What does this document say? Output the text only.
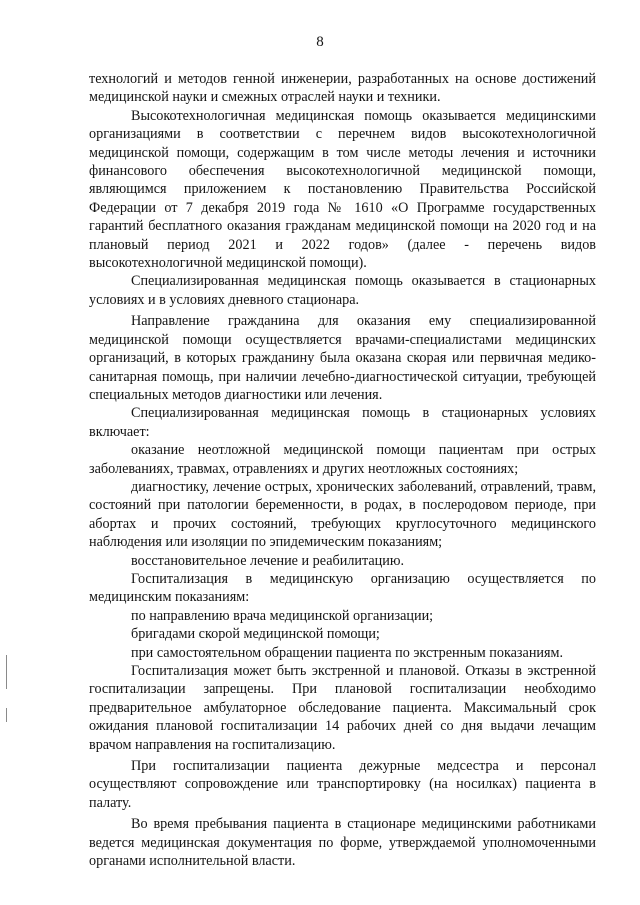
8

технологий и методов генной инженерии, разработанных на основе достижений медицинской науки и смежных отраслей науки и техники.

Высокотехнологичная медицинская помощь оказывается медицинскими организациями в соответствии с перечнем видов высокотехнологичной медицинской помощи, содержащим в том числе методы лечения и источники финансового обеспечения высокотехнологичной медицинской помощи, являющимся приложением к постановлению Правительства Российской Федерации от 7 декабря 2019 года № 1610 «О Программе государственных гарантий бесплатного оказания гражданам медицинской помощи на 2020 год и на плановый период 2021 и 2022 годов» (далее - перечень видов высокотехнологичной медицинской помощи).

Специализированная медицинская помощь оказывается в стационарных условиях и в условиях дневного стационара.

Направление гражданина для оказания ему специализированной медицинской помощи осуществляется врачами-специалистами медицинских организаций, в которых гражданину была оказана скорая или первичная медико-санитарная помощь, при наличии лечебно-диагностической ситуации, требующей специальных методов диагностики или лечения.

Специализированная медицинская помощь в стационарных условиях включает:

оказание неотложной медицинской помощи пациентам при острых заболеваниях, травмах, отравлениях и других неотложных состояниях;

диагностику, лечение острых, хронических заболеваний, отравлений, травм, состояний при патологии беременности, в родах, в послеродовом периоде, при абортах и прочих состояний, требующих круглосуточного медицинского наблюдения или изоляции по эпидемическим показаниям;

восстановительное лечение и реабилитацию.

Госпитализация в медицинскую организацию осуществляется по медицинским показаниям:

по направлению врача медицинской организации;

бригадами скорой медицинской помощи;

при самостоятельном обращении пациента по экстренным показаниям.

Госпитализация может быть экстренной и плановой. Отказы в экстренной госпитализации запрещены. При плановой госпитализации необходимо предварительное амбулаторное обследование пациента. Максимальный срок ожидания плановой госпитализации 14 рабочих дней со дня выдачи лечащим врачом направления на госпитализацию.

При госпитализации пациента дежурные медсестра и персонал осуществляют сопровождение или транспортировку (на носилках) пациента в палату.

Во время пребывания пациента в стационаре медицинскими работниками ведется медицинская документация по форме, утверждаемой уполномоченными органами исполнительной власти.
